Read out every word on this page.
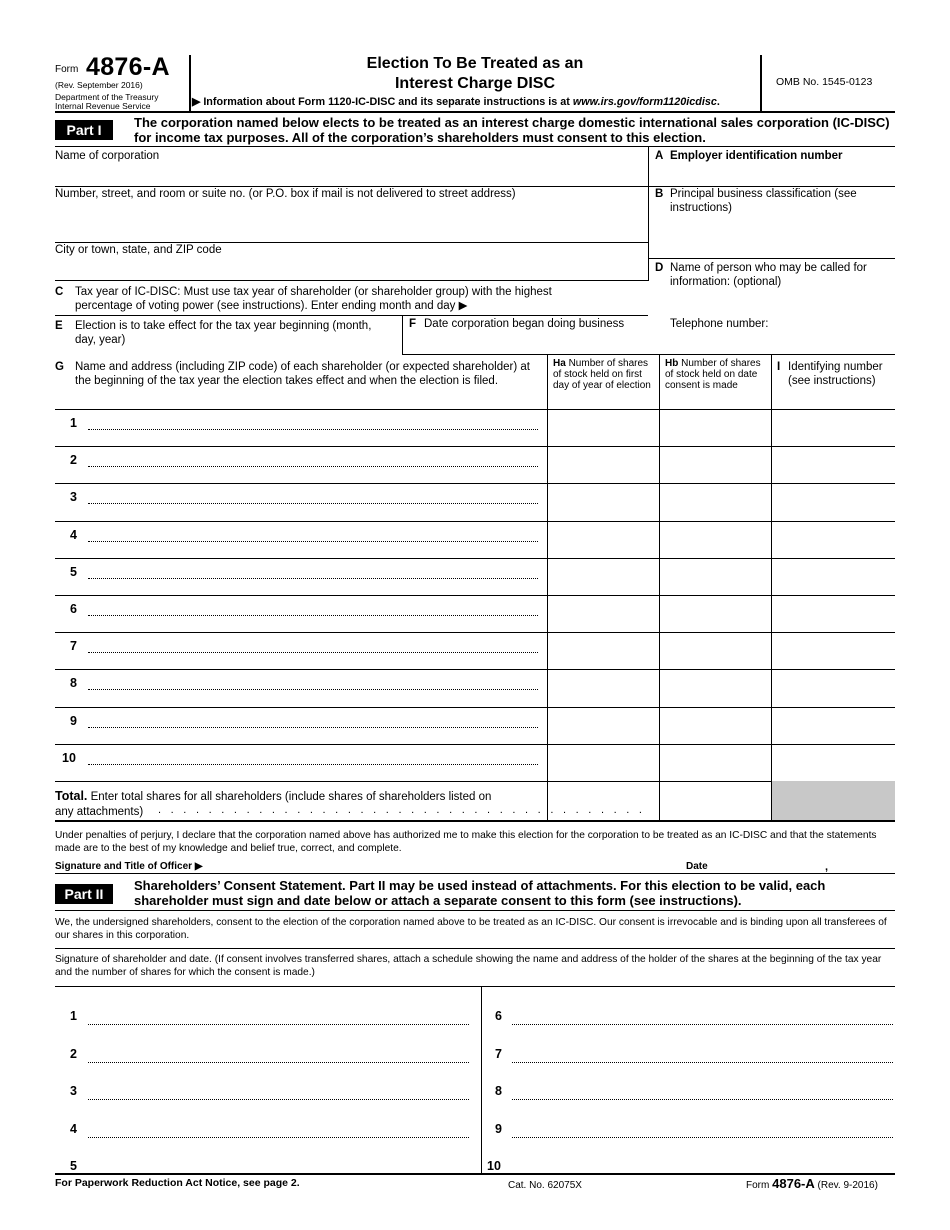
Form 4876-A
(Rev. September 2016)
Department of the Treasury
Internal Revenue Service
Election To Be Treated as an
Interest Charge DISC
▶ Information about Form 1120-IC-DISC and its separate instructions is at www.irs.gov/form1120icdisc.
OMB No. 1545-0123
Part I	The corporation named below elects to be treated as an interest charge domestic international sales corporation (IC-DISC) for income tax purposes. All of the corporation’s shareholders must consent to this election.
Name of corporation
Number, street, and room or suite no. (or P.O. box if mail is not delivered to street address)
City or town, state, and ZIP code
A Employer identification number
B Principal business classification (see instructions)
D Name of person who may be called for information: (optional)
C Tax year of IC-DISC: Must use tax year of shareholder (or shareholder group) with the highest
percentage of voting power (see instructions). Enter ending month and day ▶
E Election is to take effect for the tax year beginning (month, day, year)
F Date corporation began doing business	Telephone number:
G Name and address (including ZIP code) of each shareholder (or expected shareholder) at the beginning of the tax year the election takes effect and when the election is filed.
Ha Number of shares of stock held on first day of year of election
Hb Number of shares of stock held on date consent is made
I Identifying number (see instructions)
1
2
3
4
5
6
7
8
9
10
Total. Enter total shares for all shareholders (include shares of shareholders listed on
any attachments) .......................................
Under penalties of perjury, I declare that the corporation named above has authorized me to make this election for the corporation to be treated as an IC-DISC and that the statements made are to the best of my knowledge and belief true, correct, and complete.
Signature and Title of Officer ▶	Date	,
Part II
Shareholders’ Consent Statement. Part II may be used instead of attachments. For this election to be valid, each shareholder must sign and date below or attach a separate consent to this form (see instructions).
We, the undersigned shareholders, consent to the election of the corporation named above to be treated as an IC-DISC. Our consent is irrevocable and is binding upon all transferees of our shares in this corporation.
Signature of shareholder and date. (If consent involves transferred shares, attach a schedule showing the name and address of the holder of the shares at the beginning of the tax year and the number of shares for which the consent is made.)
1
2
3
4
5
6
7
8
9
10
For Paperwork Reduction Act Notice, see page 2.	Cat. No. 62075X	Form 4876-A (Rev. 9-2016)
